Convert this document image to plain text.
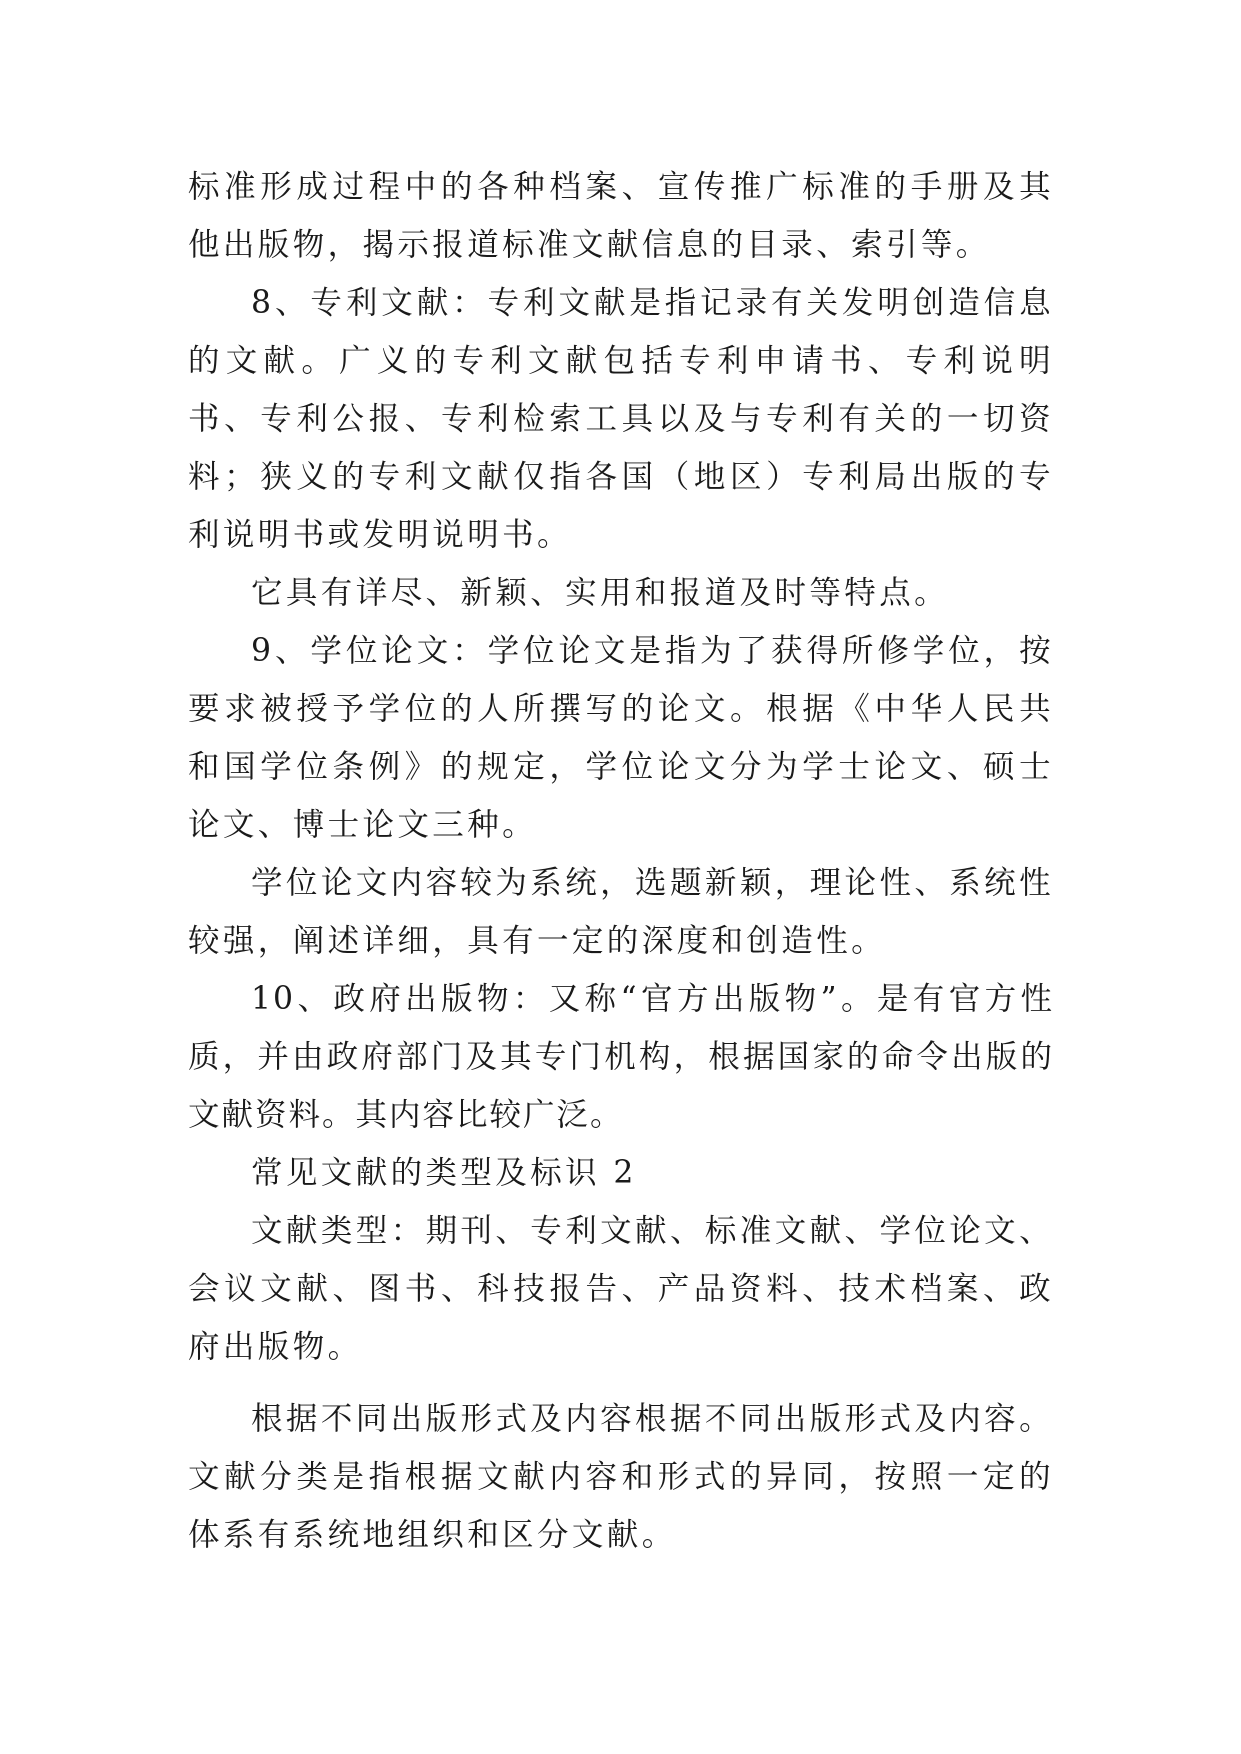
标准形成过程中的各种档案、宣传推广标准的手册及其他出版物，揭示报道标准文献信息的目录、索引等。

8、专利文献：专利文献是指记录有关发明创造信息的文献。广义的专利文献包括专利申请书、专利说明书、专利公报、专利检索工具以及与专利有关的一切资料；狭义的专利文献仅指各国（地区）专利局出版的专利说明书或发明说明书。

它具有详尽、新颖、实用和报道及时等特点。

9、学位论文：学位论文是指为了获得所修学位，按要求被授予学位的人所撰写的论文。根据《中华人民共和国学位条例》的规定，学位论文分为学士论文、硕士论文、博士论文三种。

学位论文内容较为系统，选题新颖，理论性、系统性较强，阐述详细，具有一定的深度和创造性。

10、政府出版物：又称“官方出版物”。是有官方性质，并由政府部门及其专门机构，根据国家的命令出版的文献资料。其内容比较广泛。

常见文献的类型及标识 2

文献类型：期刊、专利文献、标准文献、学位论文、会议文献、图书、科技报告、产品资料、技术档案、政府出版物。

根据不同出版形式及内容根据不同出版形式及内容。文献分类是指根据文献内容和形式的异同，按照一定的体系有系统地组织和区分文献。
